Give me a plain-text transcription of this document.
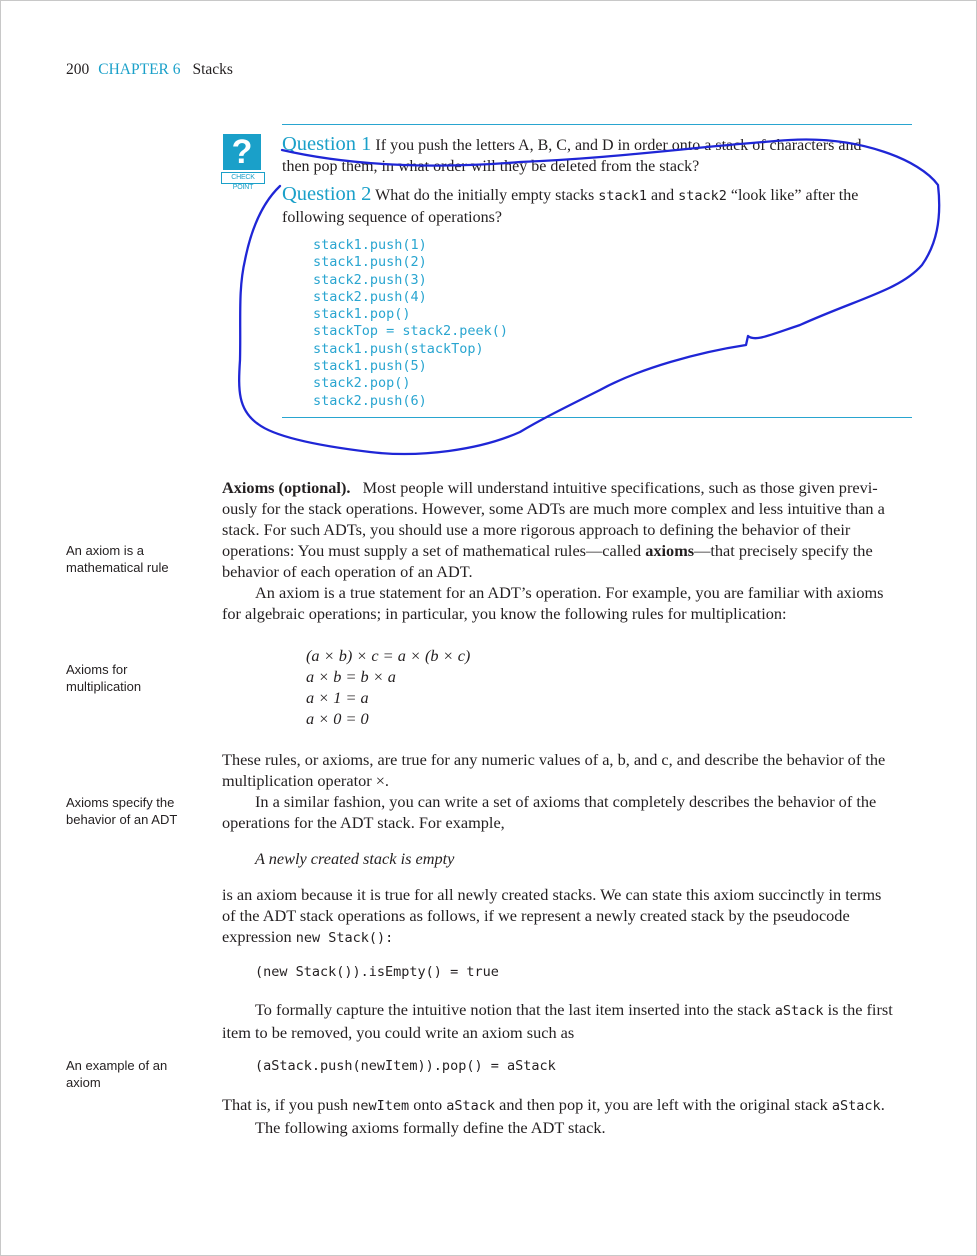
200 CHAPTER 6 Stacks
?
CHECK POINT
Question 1 If you push the letters A, B, C, and D in order onto a stack of characters and
then pop them, in what order will they be deleted from the stack?
Question 2 What do the initially empty stacks stack1 and stack2 “look like” after the
following sequence of operations?
stack1.push(1)
stack1.push(2)
stack2.push(3)
stack2.push(4)
stack1.pop()
stackTop = stack2.peek()
stack1.push(stackTop)
stack1.push(5)
stack2.pop()
stack2.push(6)
An axiom is a
mathematical rule
Axioms for
multiplication
Axioms specify the
behavior of an ADT
An example of an
axiom
Axioms (optional). Most people will understand intuitive specifications, such as those given previ-
ously for the stack operations. However, some ADTs are much more complex and less intuitive than a
stack. For such ADTs, you should use a more rigorous approach to defining the behavior of their
operations: You must supply a set of mathematical rules—called axioms—that precisely specify the
behavior of each operation of an ADT.
An axiom is a true statement for an ADT’s operation. For example, you are familiar with axioms
for algebraic operations; in particular, you know the following rules for multiplication:
(a × b) × c = a × (b × c)
a × b = b × a
a × 1 = a
a × 0 = 0
These rules, or axioms, are true for any numeric values of a, b, and c, and describe the behavior of the
multiplication operator ×.
In a similar fashion, you can write a set of axioms that completely describes the behavior of the
operations for the ADT stack. For example,
A newly created stack is empty
is an axiom because it is true for all newly created stacks. We can state this axiom succinctly in terms
of the ADT stack operations as follows, if we represent a newly created stack by the pseudocode
expression new Stack():
(new Stack()).isEmpty() = true
To formally capture the intuitive notion that the last item inserted into the stack aStack is the first
item to be removed, you could write an axiom such as
(aStack.push(newItem)).pop() = aStack
That is, if you push newItem onto aStack and then pop it, you are left with the original stack aStack.
The following axioms formally define the ADT stack.
